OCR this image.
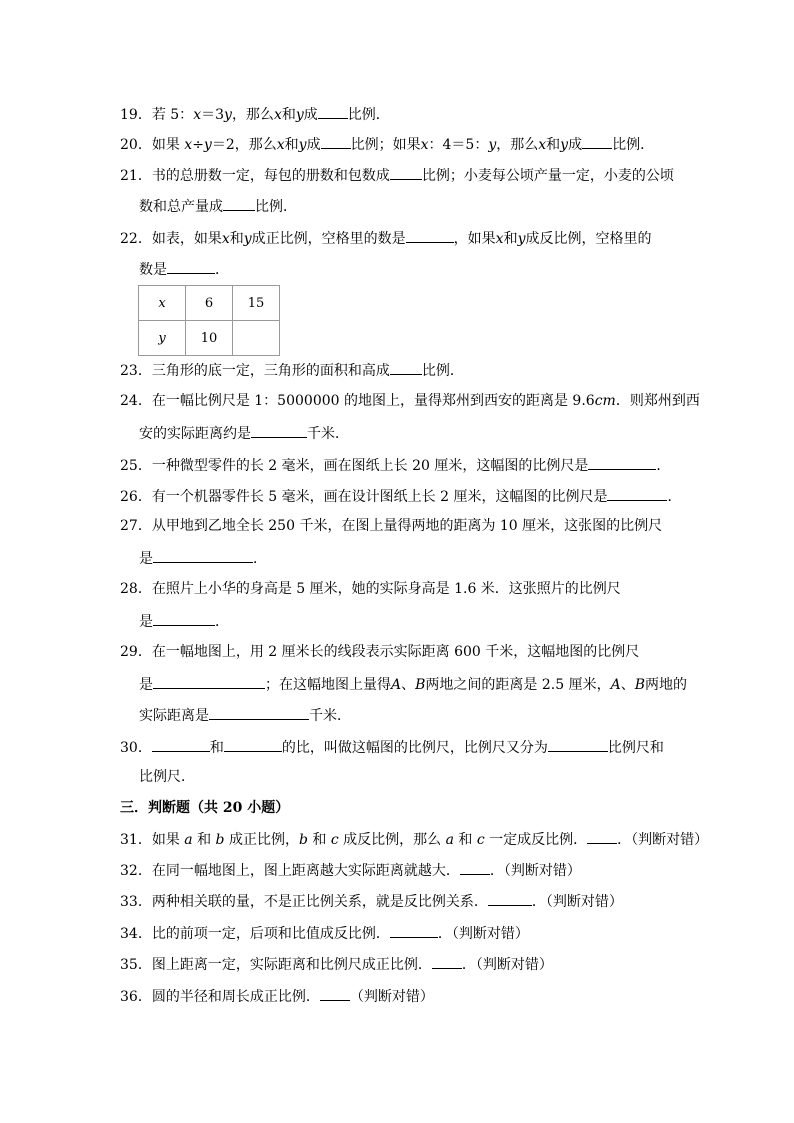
19．若 5：x＝3y，那么x和y成 比例．
20．如果 x÷y＝2，那么x和y成 比例；如果x：4＝5：y，那么x和y成 比例．
21．书的总册数一定，每包的册数和包数成 比例；小麦每公顷产量一定，小麦的公顷
数和总产量成 比例．
22．如表，如果x和y成正比例，空格里的数是	，如果x和y成反比例，空格里的
数是	．
x	6	15
y	10	
23．三角形的底一定，三角形的面积和高成 比例．
24．在一幅比例尺是 1：5000000 的地图上，量得郑州到西安的距离是 9.6cm．则郑州到西
安的实际距离约是	千米．
25．一种微型零件的长 2 毫米，画在图纸上长 20 厘米，这幅图的比例尺是	．
26．有一个机器零件长 5 毫米，画在设计图纸上长 2 厘米，这幅图的比例尺是	．
27．从甲地到乙地全长 250 千米，在图上量得两地的距离为 10 厘米，这张图的比例尺
是	．
28．在照片上小华的身高是 5 厘米，她的实际身高是 1.6 米．这张照片的比例尺
是	．
29．在一幅地图上，用 2 厘米长的线段表示实际距离 600 千米，这幅地图的比例尺
是	；在这幅地图上量得A、B两地之间的距离是 2.5 厘米，A、B两地的
实际距离是	千米．
30．	和	的比，叫做这幅图的比例尺，比例尺又分为	比例尺和
比例尺．
三．判断题（共 20 小题）
31．如果 a 和 b 成正比例，b 和 c 成反比例，那么 a 和 c 一定成反比例． ．（判断对错）
32．在同一幅地图上，图上距离越大实际距离就越大． ．（判断对错）
33．两种相关联的量，不是正比例关系，就是反比例关系．	．（判断对错）
34．比的前项一定，后项和比值成反比例．	．（判断对错）
35．图上距离一定，实际距离和比例尺成正比例． ．（判断对错）
36．圆的半径和周长成正比例． （判断对错）
